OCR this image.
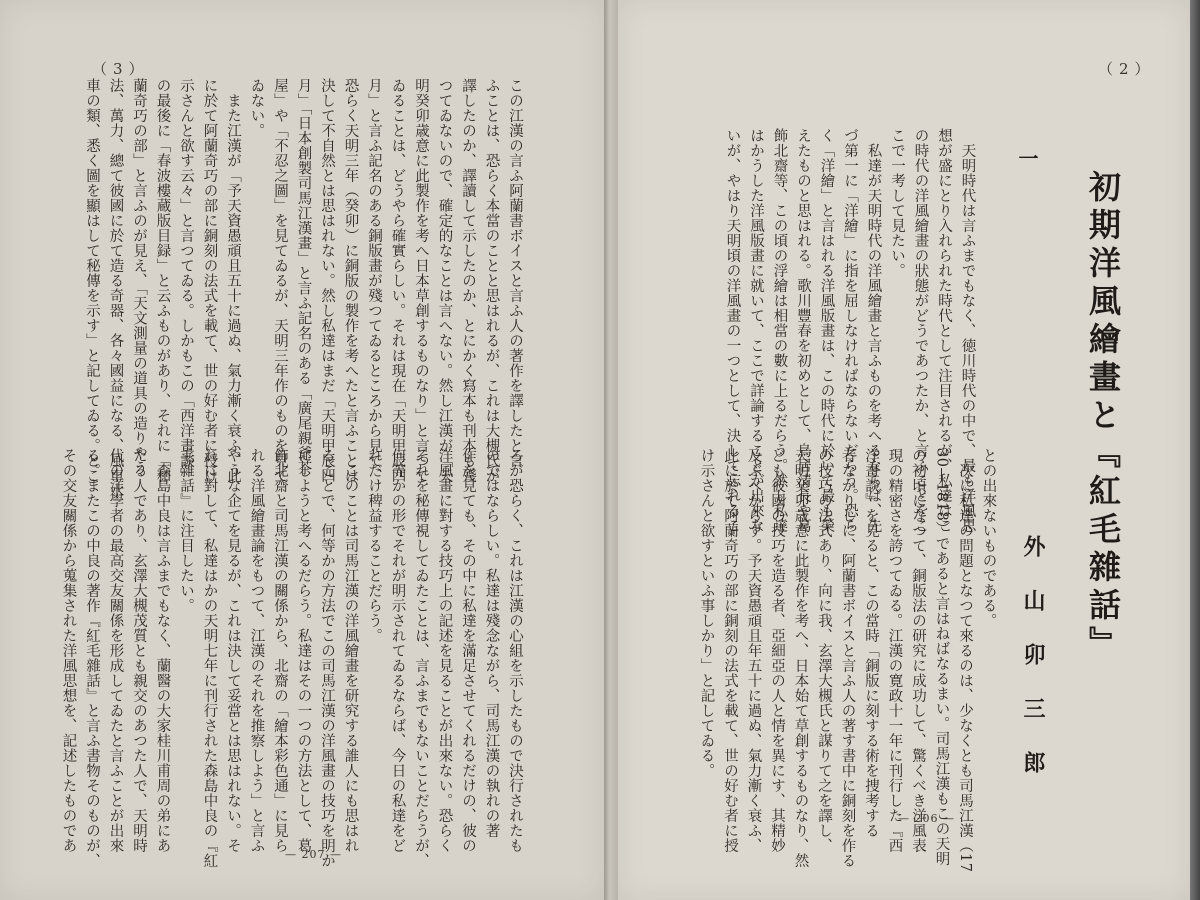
（3）
この江漢の言ふ阿蘭書ボイスと言ふ人の著作を譯したと言
ふことは、恐らく本當のことと思はれるが、これは大槻氏が
譯したのか、譯讀して示したのか、とにかく寫本も刊本も殘
つてゐないので、確定的なことは言へない。然し江漢が「天
明癸卯歳意に此製作を考へ日本草創するものなり」と言つて
ゐることは、どうやら確實らしい。それは現在「天明甲辰四
月」と言ふ記名のある銅版畫が殘つてゐるところから見て、
恐らく天明三年（癸卯）に銅版の製作を考へたと言ふことは
決して不自然とは思はれない。然し私達はまだ「天明甲辰四
月」「日本創製司馬江漢畫」と言ふ記名のある「廣尾親爺茶
屋」や「不忍之圖」を見てゐるが、天明三年作のものを見て
ゐない。
　また江漢が「予天資愚頑且五十に過ぬ、氣力漸く衰ふ、此
に於て阿蘭奇巧の部に銅刻の法式を載て、世の好む者に授け
示さんと欲す云々」と言つてゐる。しかもこの「西洋畫談」
の最後に「春波樓蔵版目録」と云ふものがあり、それに「和
蘭奇巧の部」と言ふのが見え、「天文測量の道具の造りやう
法、萬力、總て彼國に於て造る奇器、各々國益になる、風車水
車の類、悉く圖を顯はして秘傳を示す」と記してゐる。とこ
ろが恐らく、これは江漢の心組を示したもので決行されたも
のではならしい。私達は殘念ながら、司馬江漢の執れの著
作を見ても、その中に私達を滿足させてくれるだけの、彼の
洋風畫に對する技巧上の記述を見ることが出來ない。恐らく
それを秘傳視してゐたことは、言ふまでもないことだらうが、
何等かの形でそれが明示されてゐるならば、今日の私達をど
れだけ稗益することだらう。
　このことは司馬江漢の洋風繪畫を研究する誰人にも思はれ
ることで、何等かの方法でこの司馬江漢の洋風畫の技巧を明か
にしようと考へるだらう。私達はその一つの方法として、葛
飾北齋と司馬江漢の關係から、北齋の「繪本彩色通」に見ら
れる洋風繪畫論をもつて、江漢のそれを推察しよう」と言ふ
やうな企てを見るが、これは決して妥當とは思はれない。そ
れに對して、私達はかの天明七年に刊行された森島中良の『紅
毛雜話』に注目したい。
　森島中良は言ふまでもなく、蘭醫の大家桂川甫周の弟にあ
たる人であり、玄澤大槻茂質とも親交のあつた人で、天明時
代の洋學者の最高交友關係を形成してゐたと言ふことが出來
る。またこの中良の著作『紅毛雜話』と言ふ書物そのものが、
その交友關係から蒐集された洋風思想を、記述したものであ
— 207 —
（2）
初期洋風繪畫と『紅毛雜話』
一
　天明時代は言ふまでもなく、徳川時代の中で、最も洋風思
想が盛にとり入れられた時代として注目されるが、私達はこ
の時代の洋風繪畫の狀態がどうであつたか、と言ふことをこ
こで一考して見たい。
　私達が天明時代の洋風繪畫と言ふものを考へるならば、先
づ第一に「洋繪」に指を屈しなければならないだらう。恐ら
く「洋繪」と言はれる洋風版畫は、この時代に於いて最も榮
えたものと思はれる。歌川豐春を初めとして、鳥居清長や葛
飾北齋等、この頃の浮繪は相當の數に上るだらう。然し私達
はかうした洋風版畫に就いて、ここで詳論することが出來な
いが、やはり天明頃の洋風畫の一つとして、決して忘れるこ
外山卯三郎
との出來ないものである。
　次に私達の問題となつて來るのは、少なくとも司馬江漢（17
30—1818）であると言はねばなるまい。司馬江漢もこの天明
の初頃になつて、銅版法の研究に成功して、驚くべき洋風表
現の精密さを誇つてゐる。江漢の寛政十一年に刊行した『西
洋畫談』を見ると、この當時「銅版に刻する術を捜考する
者なかりしに、阿蘭書ボイスと言ふ人の著す書中に銅刻を作る
の技巧の法式あり、向に我、玄澤大槻氏と謀りて之を譯し、
天明癸卯歳意に此製作を考へ、日本始て草創するものなり、然
ども彼國の技巧を造る者、亞細亞の人と情を異にす、其精妙
及ぶべからず。予天資愚頑且年五十に過ぬ、氣力漸く衰ふ、
此に於て阿蘭奇巧の部に銅刻の法式を載て、世の好む者に授
け示さんと欲すといふ事しかり」と記してゐる。
— 206 —
